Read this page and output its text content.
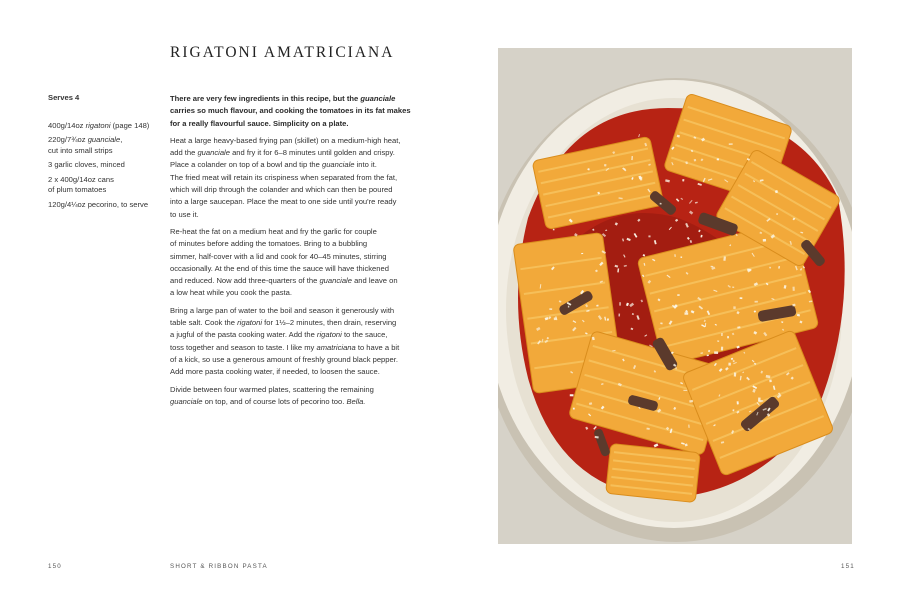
RIGATONI AMATRICIANA
Serves 4
400g/14oz rigatoni (page 148)
220g/7¾oz guanciale,
cut into small strips
3 garlic cloves, minced
2 x 400g/14oz cans
of plum tomatoes
120g/4¼oz pecorino, to serve

There are very few ingredients in this recipe, but the guanciale
carries so much flavour, and cooking the tomatoes in its fat makes
for a really flavourful sauce. Simplicity on a plate.

Heat a large heavy-based frying pan (skillet) on a medium-high heat,
add the guanciale and fry it for 6–8 minutes until golden and crispy.
Place a colander on top of a bowl and tip the guanciale into it.
The fried meat will retain its crispiness when separated from the fat,
which will drip through the colander and which can then be poured
into a large saucepan. Place the meat to one side until you're ready
to use it.

Re-heat the fat on a medium heat and fry the garlic for couple
of minutes before adding the tomatoes. Bring to a bubbling
simmer, half-cover with a lid and cook for 40–45 minutes, stirring
occasionally. At the end of this time the sauce will have thickened
and reduced. Now add three-quarters of the guanciale and leave on
a low heat while you cook the pasta.

Bring a large pan of water to the boil and season it generously with
table salt. Cook the rigatoni for 1½–2 minutes, then drain, reserving
a jugful of the pasta cooking water. Add the rigatoni to the sauce,
toss together and season to taste. I like my amatriciana to have a bit
of a kick, so use a generous amount of freshly ground black pepper.
Add more pasta cooking water, if needed, to loosen the sauce.

Divide between four warmed plates, scattering the remaining
guanciale on top, and of course lots of pecorino too. Bella.

150	SHORT & RIBBON PASTA	151
